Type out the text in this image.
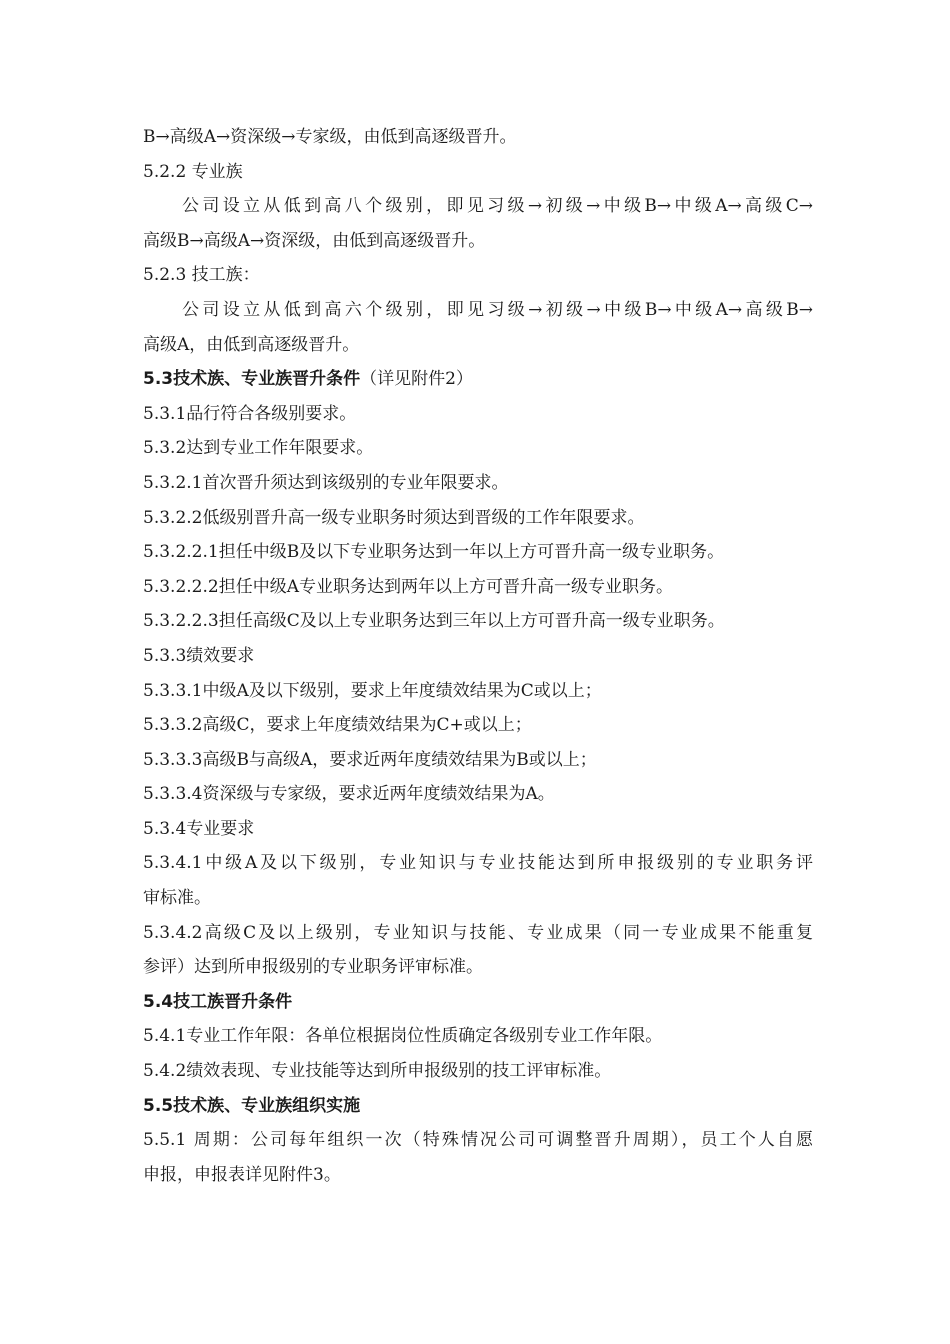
B→高级A→资深级→专家级，由低到高逐级晋升。
5.2.2 专业族
公司设立从低到高八个级别，即见习级→初级→中级B→中级A→高级C→
高级B→高级A→资深级，由低到高逐级晋升。
5.2.3 技工族：
公司设立从低到高六个级别，即见习级→初级→中级B→中级A→高级B→
高级A，由低到高逐级晋升。
5.3技术族、专业族晋升条件（详见附件2）
5.3.1品行符合各级别要求。
5.3.2达到专业工作年限要求。
5.3.2.1首次晋升须达到该级别的专业年限要求。
5.3.2.2低级别晋升高一级专业职务时须达到晋级的工作年限要求。
5.3.2.2.1担任中级B及以下专业职务达到一年以上方可晋升高一级专业职务。
5.3.2.2.2担任中级A专业职务达到两年以上方可晋升高一级专业职务。
5.3.2.2.3担任高级C及以上专业职务达到三年以上方可晋升高一级专业职务。
5.3.3绩效要求
5.3.3.1中级A及以下级别，要求上年度绩效结果为C或以上；
5.3.3.2高级C，要求上年度绩效结果为C+或以上；
5.3.3.3高级B与高级A，要求近两年度绩效结果为B或以上；
5.3.3.4资深级与专家级，要求近两年度绩效结果为A。
5.3.4专业要求
5.3.4.1中级A及以下级别，专业知识与专业技能达到所申报级别的专业职务评
审标准。
5.3.4.2高级C及以上级别，专业知识与技能、专业成果（同一专业成果不能重复
参评）达到所申报级别的专业职务评审标准。
5.4技工族晋升条件
5.4.1专业工作年限：各单位根据岗位性质确定各级别专业工作年限。
5.4.2绩效表现、专业技能等达到所申报级别的技工评审标准。
5.5技术族、专业族组织实施
5.5.1 周期：公司每年组织一次（特殊情况公司可调整晋升周期），员工个人自愿
申报，申报表详见附件3。
